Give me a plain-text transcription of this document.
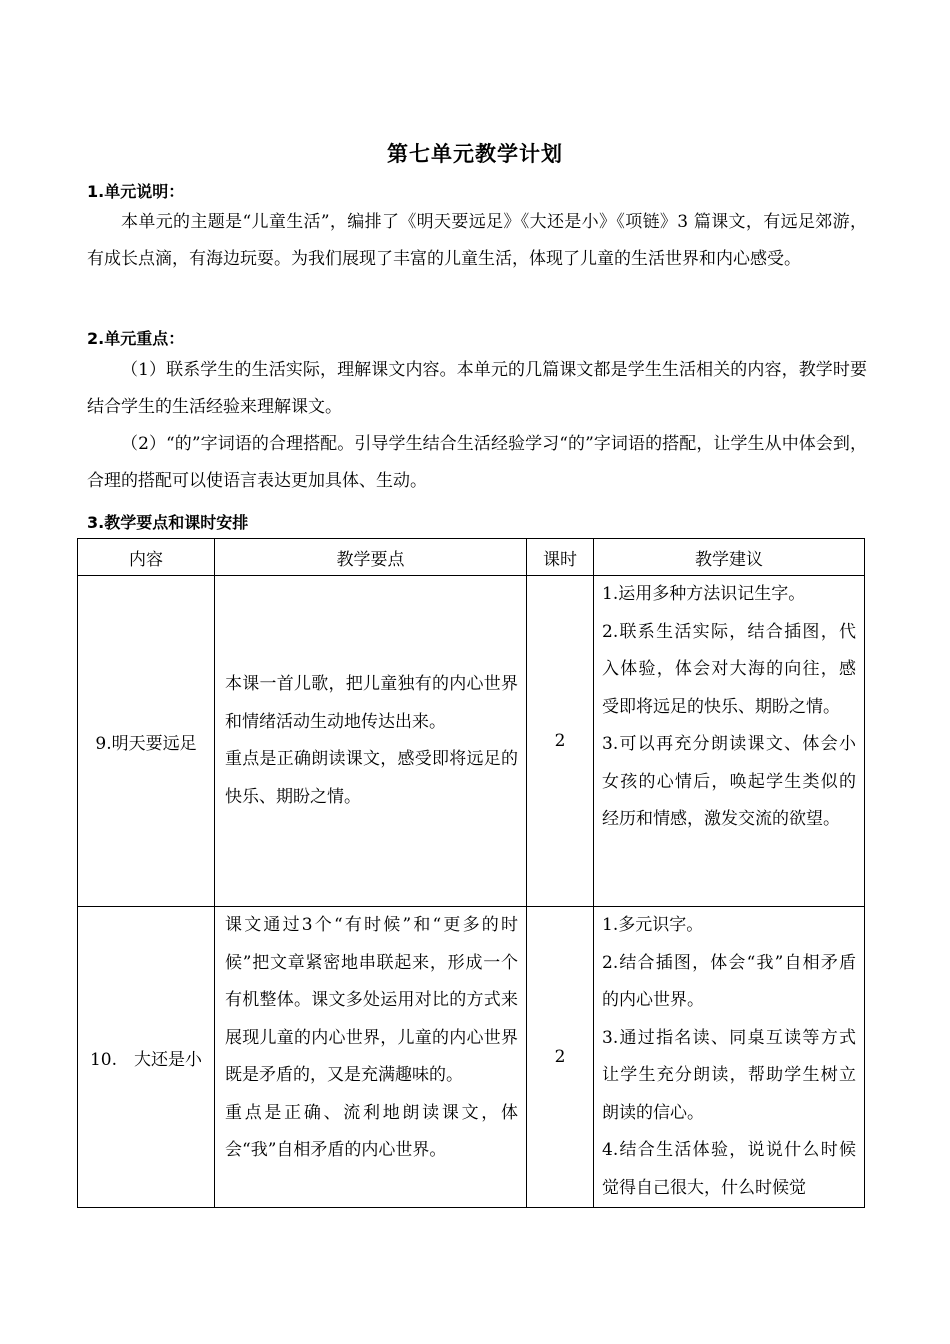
第七单元教学计划
1.单元说明：
本单元的主题是“儿童生活”，编排了《明天要远足》《大还是小》《项链》3 篇课文，有远足郊游，有成长点滴，有海边玩耍。为我们展现了丰富的儿童生活，体现了儿童的生活世界和内心感受。
2.单元重点：
（1）联系学生的生活实际，理解课文内容。本单元的几篇课文都是学生生活相关的内容，教学时要结合学生的生活经验来理解课文。
（2）“的”字词语的合理搭配。引导学生结合生活经验学习“的”字词语的搭配，让学生从中体会到，合理的搭配可以使语言表达更加具体、生动。
3.教学要点和课时安排
内容	教学要点	课时	教学建议
9.明天要远足	本课一首儿歌，把儿童独有的内心世界和情绪活动生动地传达出来。
重点是正确朗读课文，感受即将远足的快乐、期盼之情。	2	1.运用多种方法识记生字。
2.联系生活实际，结合插图，代入体验，体会对大海的向往，感受即将远足的快乐、期盼之情。
3.可以再充分朗读课文、体会小女孩的心情后，唤起学生类似的经历和情感，激发交流的欲望。

10.　大还是小	课文通过3个“有时候”和“更多的时候”把文章紧密地串联起来，形成一个有机整体。课文多处运用对比的方式来展现儿童的内心世界，儿童的内心世界既是矛盾的，又是充满趣味的。
重点是正确、流利地朗读课文，体会“我”自相矛盾的内心世界。	2	1.多元识字。
2.结合插图，体会“我”自相矛盾的内心世界。
3.通过指名读、同桌互读等方式让学生充分朗读，帮助学生树立朗读的信心。
4.结合生活体验，说说什么时候觉得自己很大，什么时候觉
